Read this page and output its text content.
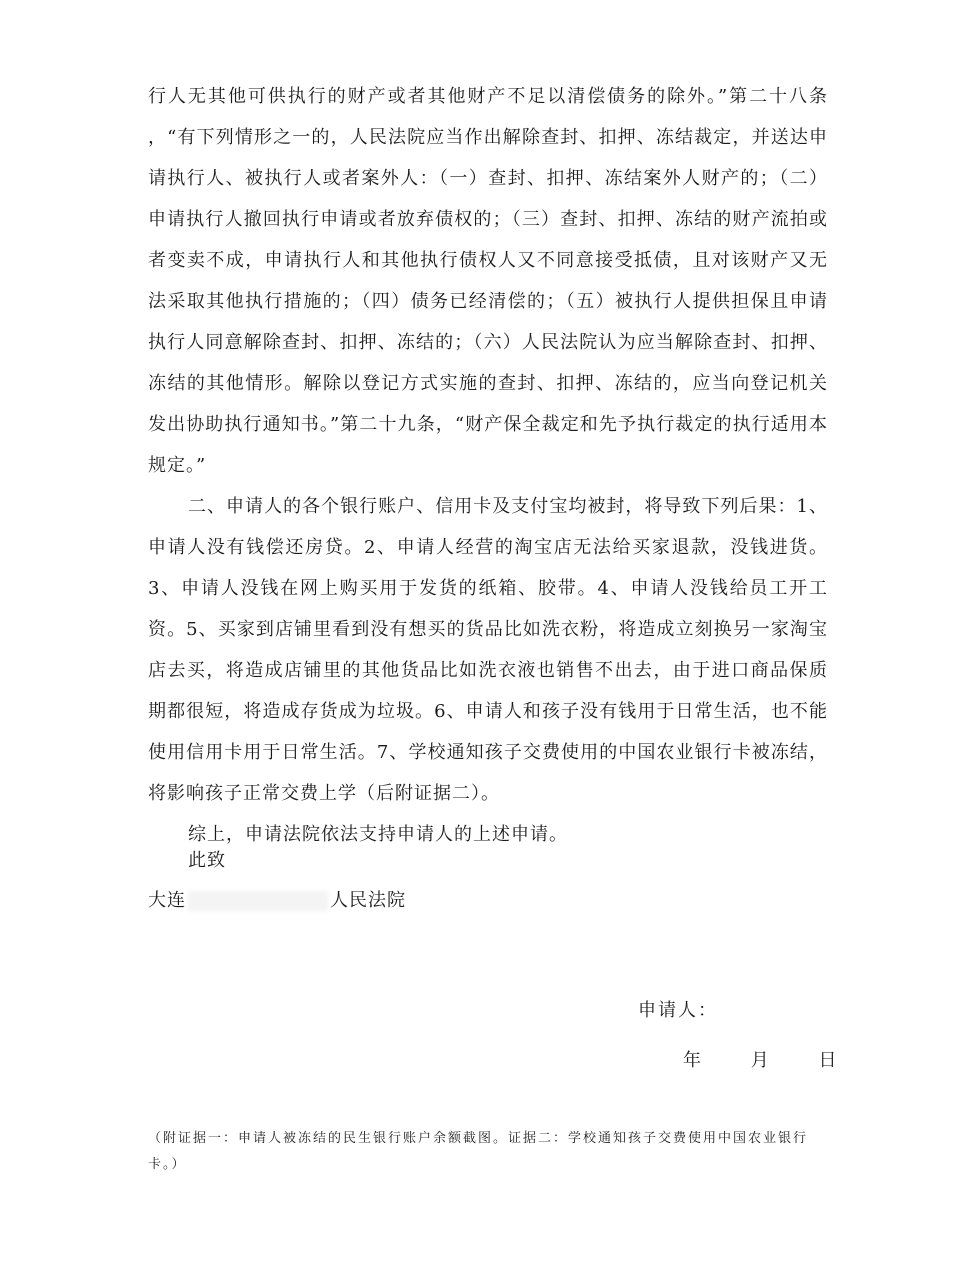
行人无其他可供执行的财产或者其他财产不足以清偿债务的除外。”第二十八条 ，“有下列情形之一的，人民法院应当作出解除查封、扣押、冻结裁定，并送达申请执行人、被执行人或者案外人：（一）查封、扣押、冻结案外人财产的；（二）申请执行人撤回执行申请或者放弃债权的；（三）查封、扣押、冻结的财产流拍或者变卖不成，申请执行人和其他执行债权人又不同意接受抵债，且对该财产又无法采取其他执行措施的；（四）债务已经清偿的；（五）被执行人提供担保且申请执行人同意解除查封、扣押、冻结的；（六）人民法院认为应当解除查封、扣押、冻结的其他情形。解除以登记方式实施的查封、扣押、冻结的，应当向登记机关发出协助执行通知书。”第二十九条，“财产保全裁定和先予执行裁定的执行适用本规定。”

二、申请人的各个银行账户、信用卡及支付宝均被封，将导致下列后果：1、申请人没有钱偿还房贷。2、申请人经营的淘宝店无法给买家退款，没钱进货。3、申请人没钱在网上购买用于发货的纸箱、胶带。4、申请人没钱给员工开工资。5、买家到店铺里看到没有想买的货品比如洗衣粉，将造成立刻换另一家淘宝店去买，将造成店铺里的其他货品比如洗衣液也销售不出去，由于进口商品保质期都很短，将造成存货成为垃圾。6、申请人和孩子没有钱用于日常生活，也不能使用信用卡用于日常生活。7、学校通知孩子交费使用的中国农业银行卡被冻结，将影响孩子正常交费上学（后附证据二）。

综上，申请法院依法支持申请人的上述申请。

此致
大连	人民法院
申请人：
年	月	日
（附证据一：申请人被冻结的民生银行账户余额截图。证据二：学校通知孩子交费使用中国农业银行卡。）
